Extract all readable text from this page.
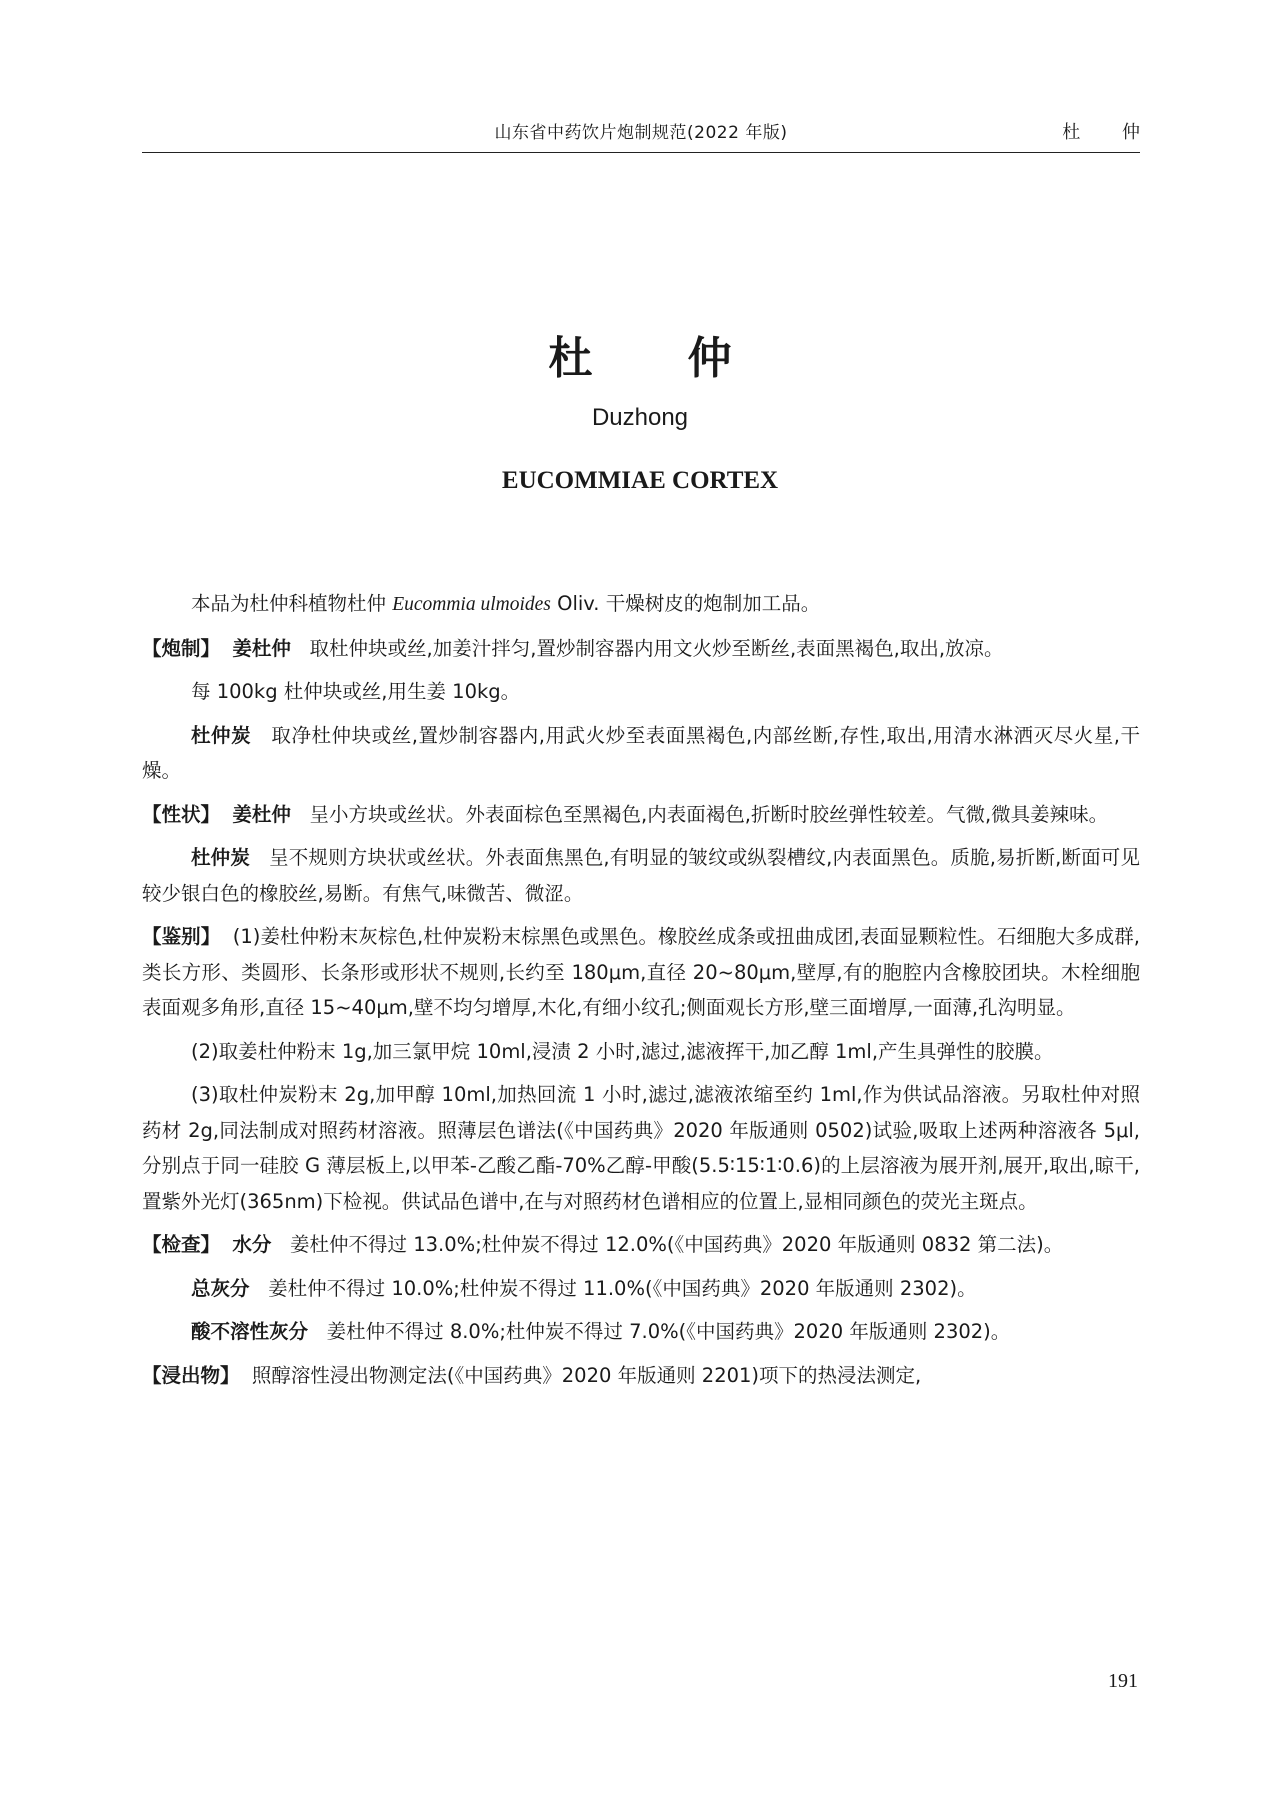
山东省中药饮片炮制规范(2022 年版)	杜 仲
杜 仲
Duzhong
EUCOMMIAE CORTEX

本品为杜仲科植物杜仲 Eucommia ulmoides Oliv. 干燥树皮的炮制加工品。

【炮制】 姜杜仲 取杜仲块或丝,加姜汁拌匀,置炒制容器内用文火炒至断丝,表面黑褐色,取出,放凉。

每 100kg 杜仲块或丝,用生姜 10kg。

杜仲炭 取净杜仲块或丝,置炒制容器内,用武火炒至表面黑褐色,内部丝断,存性,取出,用清水淋洒灭尽火星,干燥。

【性状】 姜杜仲 呈小方块或丝状。外表面棕色至黑褐色,内表面褐色,折断时胶丝弹性较差。气微,微具姜辣味。

杜仲炭 呈不规则方块状或丝状。外表面焦黑色,有明显的皱纹或纵裂槽纹,内表面黑色。质脆,易折断,断面可见较少银白色的橡胶丝,易断。有焦气,味微苦、微涩。

【鉴别】 (1)姜杜仲粉末灰棕色,杜仲炭粉末棕黑色或黑色。橡胶丝成条或扭曲成团,表面显颗粒性。石细胞大多成群,类长方形、类圆形、长条形或形状不规则,长约至 180μm,直径 20~80μm,壁厚,有的胞腔内含橡胶团块。木栓细胞表面观多角形,直径 15~40μm,壁不均匀增厚,木化,有细小纹孔;侧面观长方形,壁三面增厚,一面薄,孔沟明显。

(2)取姜杜仲粉末 1g,加三氯甲烷 10ml,浸渍 2 小时,滤过,滤液挥干,加乙醇 1ml,产生具弹性的胶膜。

(3)取杜仲炭粉末 2g,加甲醇 10ml,加热回流 1 小时,滤过,滤液浓缩至约 1ml,作为供试品溶液。另取杜仲对照药材 2g,同法制成对照药材溶液。照薄层色谱法(《中国药典》2020 年版通则 0502)试验,吸取上述两种溶液各 5μl,分别点于同一硅胶 G 薄层板上,以甲苯-乙酸乙酯-70%乙醇-甲酸(5.5∶15∶1∶0.6)的上层溶液为展开剂,展开,取出,晾干,置紫外光灯(365nm)下检视。供试品色谱中,在与对照药材色谱相应的位置上,显相同颜色的荧光主斑点。

【检查】 水分 姜杜仲不得过 13.0%;杜仲炭不得过 12.0%(《中国药典》2020 年版通则 0832 第二法)。

总灰分 姜杜仲不得过 10.0%;杜仲炭不得过 11.0%(《中国药典》2020 年版通则 2302)。

酸不溶性灰分 姜杜仲不得过 8.0%;杜仲炭不得过 7.0%(《中国药典》2020 年版通则 2302)。

【浸出物】 照醇溶性浸出物测定法(《中国药典》2020 年版通则 2201)项下的热浸法测定,

191
